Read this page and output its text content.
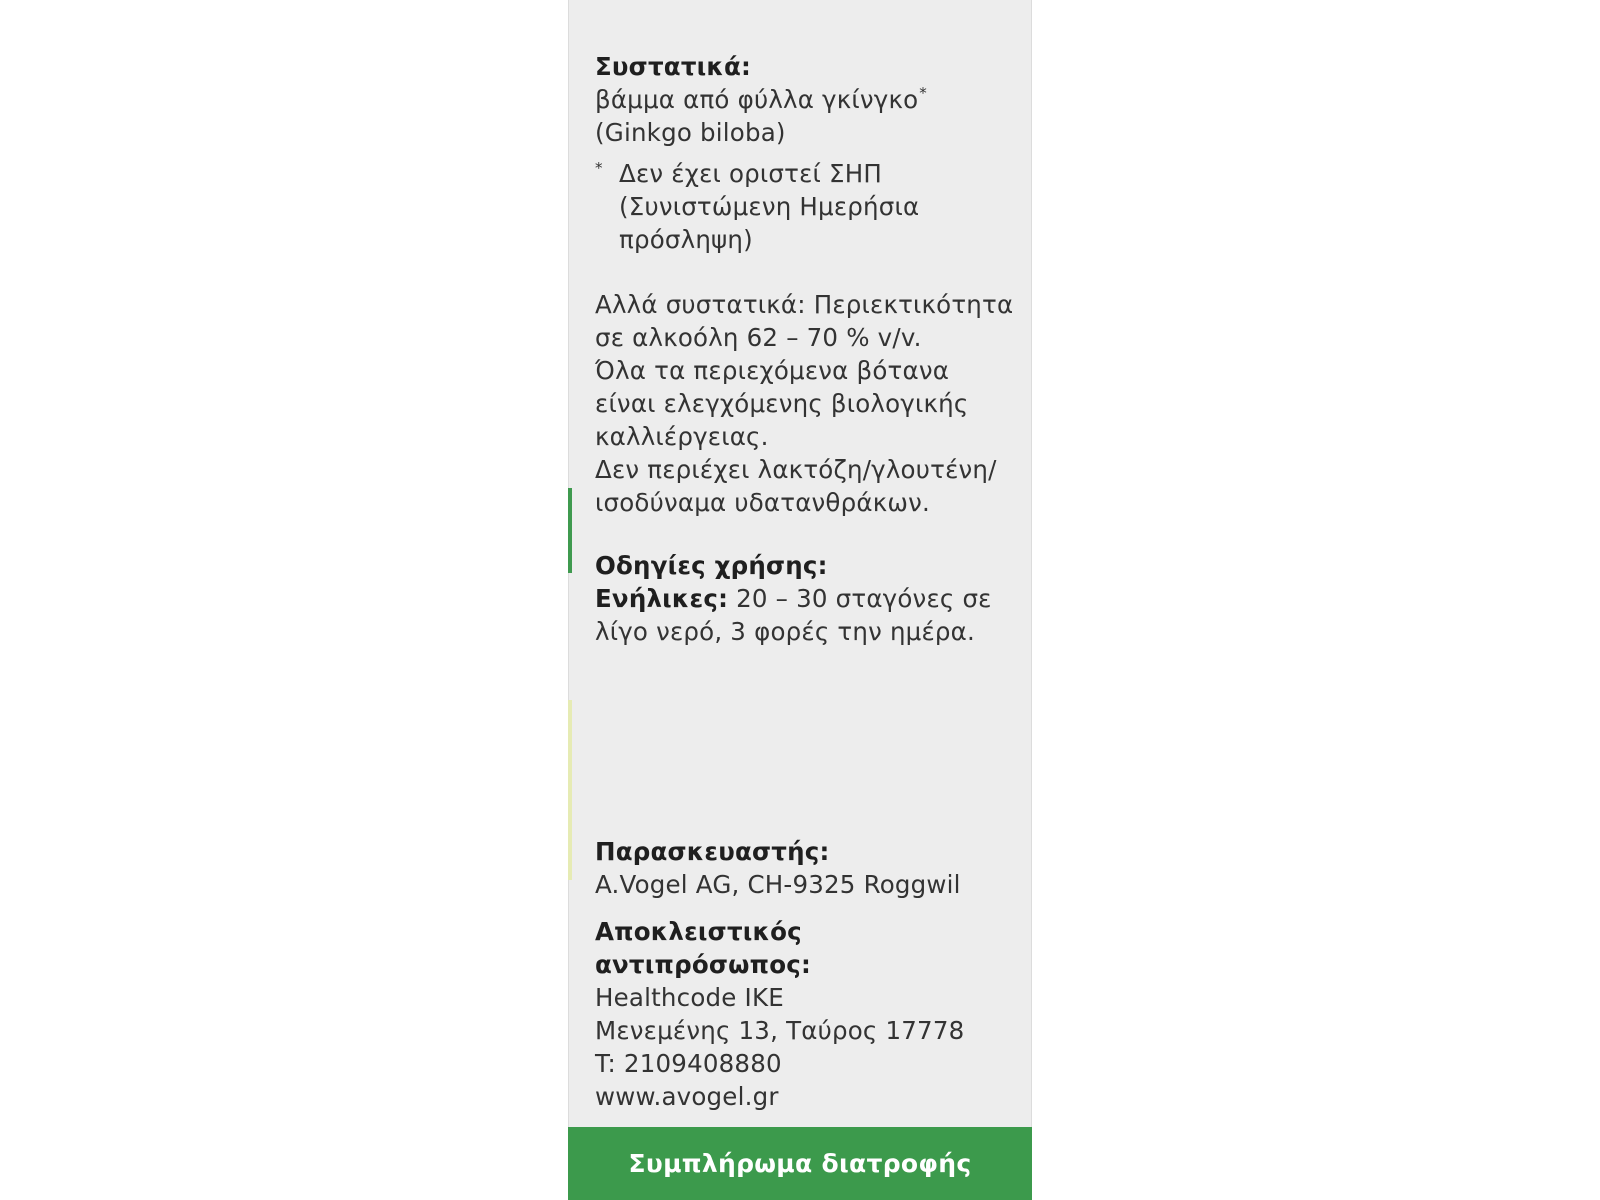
Συστατικά:

βάμμα από φύλλα γκίνγκο*

(Ginkgo biloba)

* Δεν έχει οριστεί ΣΗΠ

(Συνιστώμενη Ημερήσια

πρόσληψη)

Αλλά συστατικά: Περιεκτικότητα

σε αλκοόλη 62 – 70 % v/v.

Όλα τα περιεχόμενα βότανα

είναι ελεγχόμενης βιολογικής

καλλιέργειας.

Δεν περιέχει λακτόζη/γλουτένη/

ισοδύναμα υδατανθράκων.

Οδηγίες χρήσης:

Ενήλικες: 20 – 30 σταγόνες σε

λίγο νερό, 3 φορές την ημέρα.

Παρασκευαστής:

A.Vogel AG, CH-9325 Roggwil

Αποκλειστικός αντιπρόσωπος:

Healthcode IKE

Μενεμένης 13, Ταύρος 17778

T: 2109408880

www.avogel.gr

Συμπλήρωμα διατροφής
